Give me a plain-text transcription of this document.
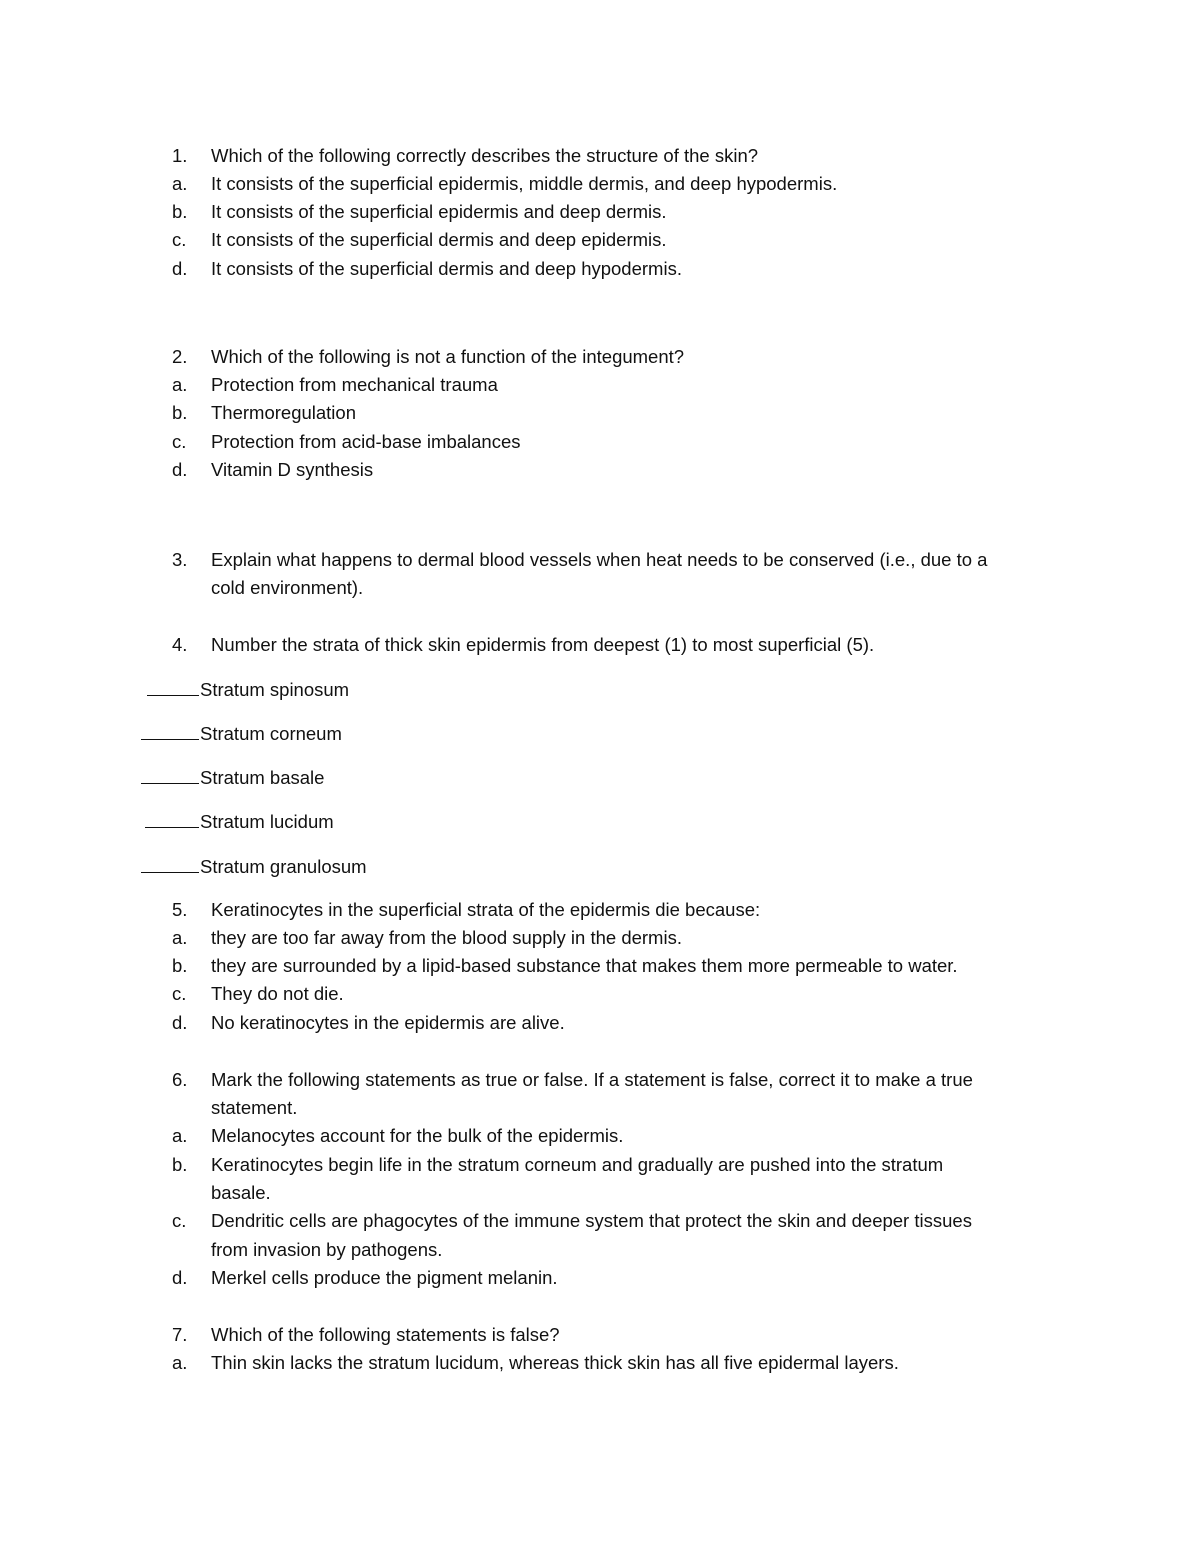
1.	Which of the following correctly describes the structure of the skin?
a.	It consists of the superficial epidermis, middle dermis, and deep hypodermis.
b.	It consists of the superficial epidermis and deep dermis.
c.	It consists of the superficial dermis and deep epidermis.
d.	It consists of the superficial dermis and deep hypodermis.
2.	Which of the following is not a function of the integument?
a.	Protection from mechanical trauma
b.	Thermoregulation
c.	Protection from acid-base imbalances
d.	Vitamin D synthesis
3.	Explain what happens to dermal blood vessels when heat needs to be conserved (i.e., due to a
cold environment).
4.	Number the strata of thick skin epidermis from deepest (1) to most superficial (5).
Stratum spinosum
Stratum corneum
Stratum basale
Stratum lucidum
Stratum granulosum
5.	Keratinocytes in the superficial strata of the epidermis die because:
a.	they are too far away from the blood supply in the dermis.
b.	they are surrounded by a lipid-based substance that makes them more permeable to water.
c.	They do not die.
d.	No keratinocytes in the epidermis are alive.
6.	Mark the following statements as true or false. If a statement is false, correct it to make a true
statement.
a.	Melanocytes account for the bulk of the epidermis.
b.	Keratinocytes begin life in the stratum corneum and gradually are pushed into the stratum
basale.
c.	Dendritic cells are phagocytes of the immune system that protect the skin and deeper tissues
from invasion by pathogens.
d.	Merkel cells produce the pigment melanin.
7.	Which of the following statements is false?
a.	Thin skin lacks the stratum lucidum, whereas thick skin has all five epidermal layers.
